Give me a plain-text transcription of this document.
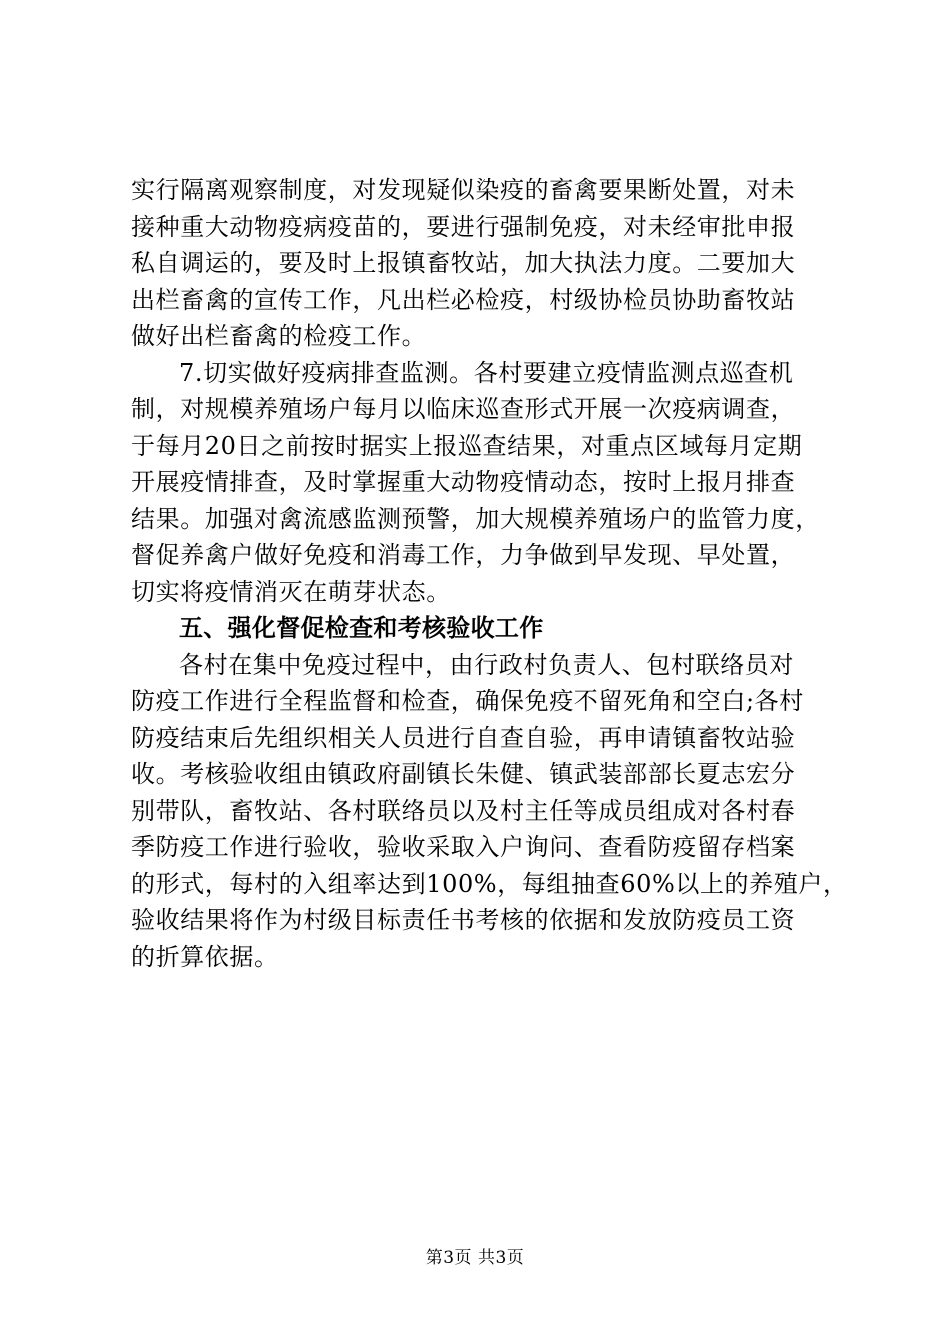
实行隔离观察制度，对发现疑似染疫的畜禽要果断处置，对未
接种重大动物疫病疫苗的，要进行强制免疫，对未经审批申报
私自调运的，要及时上报镇畜牧站，加大执法力度。二要加大
出栏畜禽的宣传工作，凡出栏必检疫，村级协检员协助畜牧站
做好出栏畜禽的检疫工作。
7.切实做好疫病排查监测。各村要建立疫情监测点巡查机
制，对规模养殖场户每月以临床巡查形式开展一次疫病调查，
于每月20日之前按时据实上报巡查结果，对重点区域每月定期
开展疫情排查，及时掌握重大动物疫情动态，按时上报月排查
结果。加强对禽流感监测预警，加大规模养殖场户的监管力度，
督促养禽户做好免疫和消毒工作，力争做到早发现、早处置，
切实将疫情消灭在萌芽状态。
五、强化督促检查和考核验收工作
各村在集中免疫过程中，由行政村负责人、包村联络员对
防疫工作进行全程监督和检查，确保免疫不留死角和空白;各村
防疫结束后先组织相关人员进行自查自验，再申请镇畜牧站验
收。考核验收组由镇政府副镇长朱健、镇武装部部长夏志宏分
别带队，畜牧站、各村联络员以及村主任等成员组成对各村春
季防疫工作进行验收，验收采取入户询问、查看防疫留存档案
的形式，每村的入组率达到100%，每组抽查60%以上的养殖户，
验收结果将作为村级目标责任书考核的依据和发放防疫员工资
的折算依据。
第3页 共3页
